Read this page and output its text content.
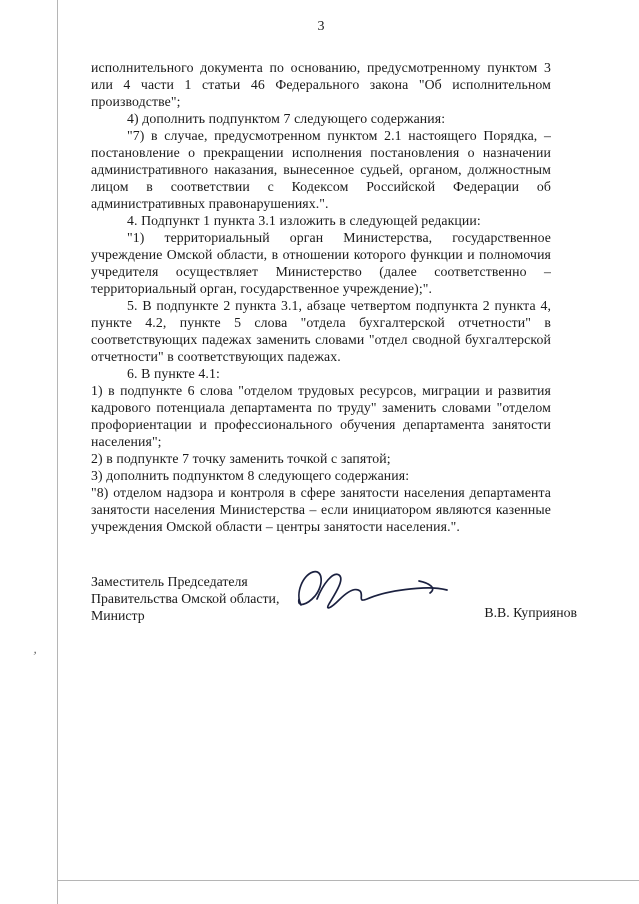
,
3

исполнительного документа по основанию, предусмотренному пунктом 3 или 4 части 1 статьи 46 Федерального закона "Об исполнительном производстве";

4) дополнить подпунктом 7 следующего содержания:

"7) в случае, предусмотренном пунктом 2.1 настоящего Порядка, – постановление о прекращении исполнения постановления о назначении административного наказания, вынесенное судьей, органом, должностным лицом в соответствии с Кодексом Российской Федерации об административных правонарушениях.".

4. Подпункт 1 пункта 3.1 изложить в следующей редакции:

"1) территориальный орган Министерства, государственное учреждение Омской области, в отношении которого функции и полномочия учредителя осуществляет Министерство (далее соответственно – территориальный орган, государственное учреждение);".

5. В подпункте 2 пункта 3.1, абзаце четвертом подпункта 2 пункта 4, пункте 4.2, пункте 5 слова "отдела бухгалтерской отчетности" в соответствующих падежах заменить словами "отдел сводной бухгалтерской отчетности" в соответствующих падежах.

6. В пункте 4.1:

1) в подпункте 6 слова "отделом трудовых ресурсов, миграции и развития кадрового потенциала департамента по труду" заменить словами "отделом профориентации и профессионального обучения департамента занятости населения";

2) в подпункте 7 точку заменить точкой с запятой;

3) дополнить подпунктом 8 следующего содержания:

"8) отделом надзора и контроля в сфере занятости населения департамента занятости населения Министерства – если инициатором являются казенные учреждения Омской области – центры занятости населения.".

Заместитель Председателя
Правительства Омской области,
Министр	В.В. Куприянов
